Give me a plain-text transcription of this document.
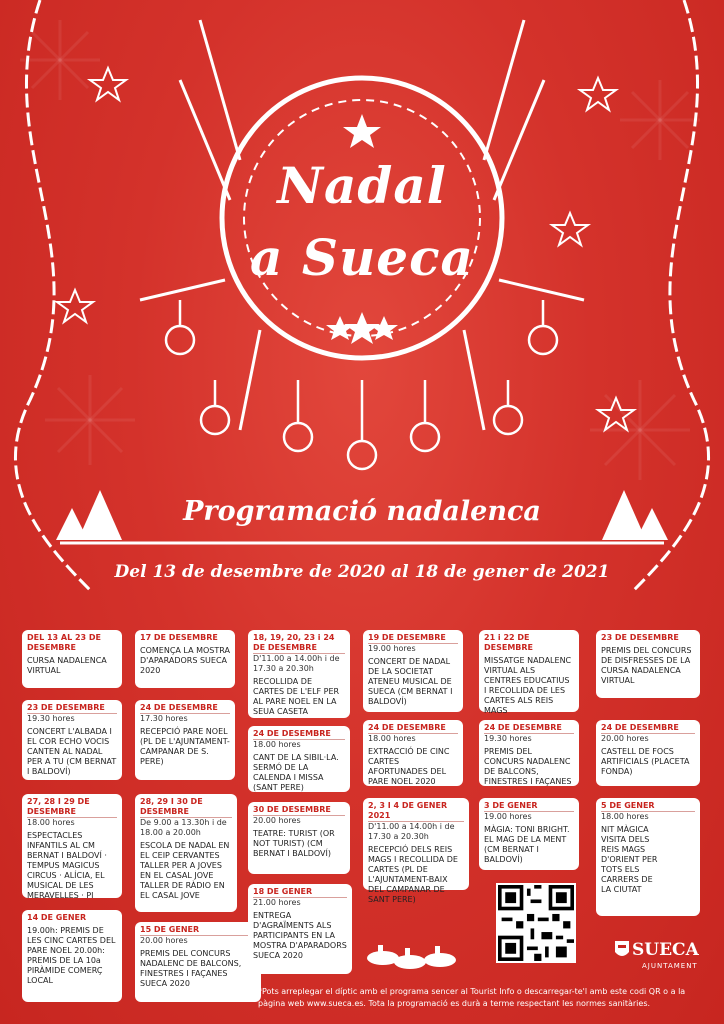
Nadal
a Sueca
Programació nadalenca
Del 13 de desembre de 2020 al 18 de gener de 2021
DEL 13 AL 23 DE DESEMBRE
CURSA NADALENCA VIRTUAL
17 DE DESEMBRE
COMENÇA LA MOSTRA D'APARADORS SUECA 2020
18, 19, 20, 23 i 24 DE DESEMBRE
D'11.00 a 14.00h i de 17.30 a 20.30h
RECOLLIDA DE CARTES DE L'ELF PER AL PARE NOEL EN LA SEUA CASETA
19 DE DESEMBRE
19.00 hores
CONCERT DE NADAL DE LA SOCIETAT ATENEU MUSICAL DE SUECA (CM BERNAT I BALDOVÍ)
21 i 22 DE DESEMBRE
MISSATGE NADALENC VIRTUAL ALS CENTRES EDUCATIUS I RECOLLIDA DE LES CARTES ALS REIS MAGS
23 DE DESEMBRE
PREMIS DEL CONCURS DE DISFRESSES DE LA CURSA NADALENCA VIRTUAL
23 DE DESEMBRE
19.30 hores
CONCERT L'ALBADA I EL COR ECHO VOCIS CANTEN AL NADAL PER A TU (CM BERNAT I BALDOVÍ)
24 DE DESEMBRE
17.30 hores
RECEPCIÓ PARE NOEL (PL DE L'AJUNTAMENT-CAMPANAR DE S. PERE)
24 DE DESEMBRE
18.00 hores
CANT DE LA SIBIL·LA. SERMÓ DE LA CALENDA I MISSA (SANT PERE)
24 DE DESEMBRE
18.00 hores
EXTRACCIÓ DE CINC CARTES AFORTUNADES DEL PARE NOEL 2020
24 DE DESEMBRE
19.30 hores
PREMIS DEL CONCURS NADALENC DE BALCONS, FINESTRES I FAÇANES
24 DE DESEMBRE
20.00 hores
CASTELL DE FOCS ARTIFICIALS (PLACETA FONDA)
27, 28 I 29 DE DESEMBRE
18.00 hores
ESPECTACLES INFANTILS AL CM BERNAT I BALDOVÍ · TEMPUS MAGICUS CIRCUS · ALÍCIA, EL MUSICAL DE LES MERAVELLES · PI
28, 29 I 30 DE DESEMBRE
De 9.00 a 13.30h i de 18.00 a 20.00h
ESCOLA DE NADAL EN EL CEIP CERVANTES TALLER PER A JOVES EN EL CASAL JOVE TALLER DE RÀDIO EN EL CASAL JOVE
30 DE DESEMBRE
20.00 hores
TEATRE: TURIST (OR NOT TURIST) (CM BERNAT I BALDOVÍ)
2, 3 I 4 DE GENER 2021
D'11.00 a 14.00h i de 17.30 a 20.30h
RECEPCIÓ DELS REIS MAGS I RECOLLIDA DE CARTES (PL DE L'AJUNTAMENT-BAIX DEL CAMPANAR DE SANT PERE)
3 DE GENER
19.00 hores
MÀGIA: TONI BRIGHT. EL MAG DE LA MENT (CM BERNAT I BALDOVÍ)
5 DE GENER
18.00 hores
NIT MÀGICA VISITA DELS REIS MAGS D'ORIENT PER TOTS ELS CARRERS DE LA CIUTAT
14 DE GENER
19.00h: PREMIS DE LES CINC CARTES DEL PARE NOEL 20.00h: PREMIS DE LA 10a PIRÀMIDE COMERÇ LOCAL
15 DE GENER
20.00 hores
PREMIS DEL CONCURS NADALENC DE BALCONS, FINESTRES I FAÇANES SUECA 2020
18 DE GENER
21.00 hores
ENTREGA D'AGRAÏMENTS ALS PARTICIPANTS EN LA MOSTRA D'APARADORS SUECA 2020	SUECA
AJUNTAMENT
*Pots arreplegar el díptic amb el programa sencer al Tourist Info o descarregar-te'l amb este codi QR o a la pàgina web www.sueca.es. Tota la programació es durà a terme respectant les normes sanitàries.
